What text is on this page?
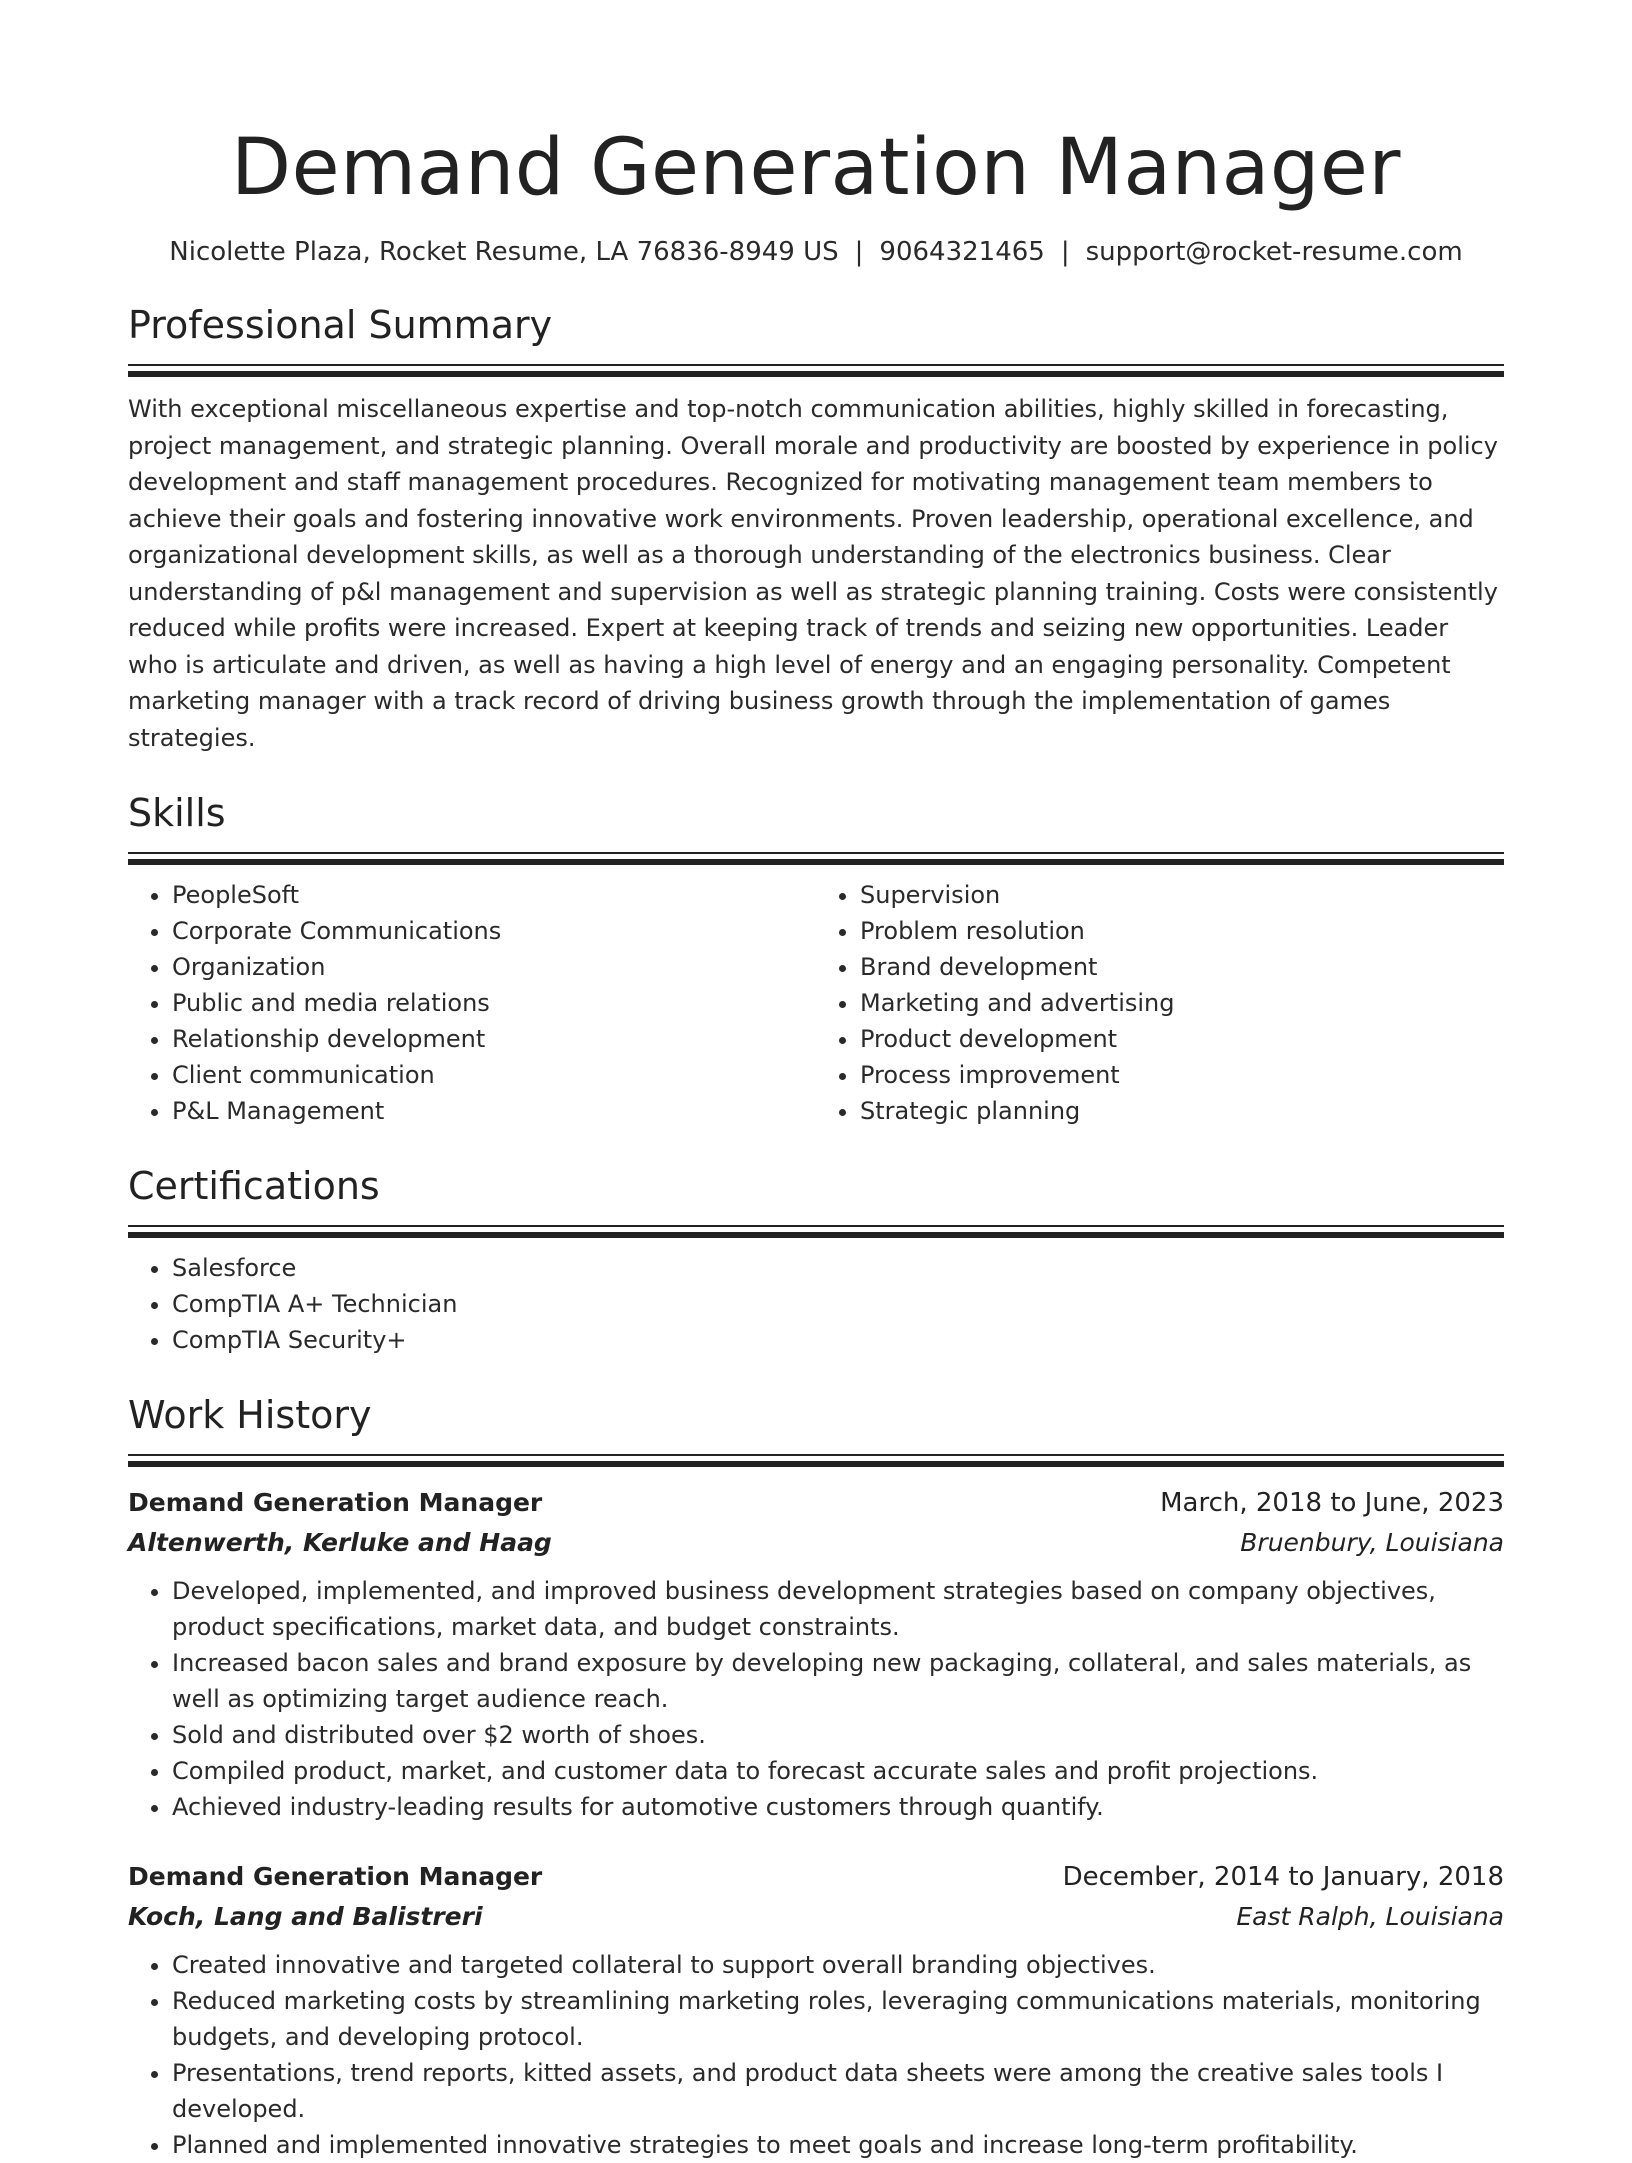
Demand Generation Manager
Nicolette Plaza, Rocket Resume, LA 76836-8949 US | 9064321465 | support@rocket-resume.com
Professional Summary
With exceptional miscellaneous expertise and top-notch communication abilities, highly skilled in forecasting, project management, and strategic planning. Overall morale and productivity are boosted by experience in policy development and staff management procedures. Recognized for motivating management team members to achieve their goals and fostering innovative work environments. Proven leadership, operational excellence, and organizational development skills, as well as a thorough understanding of the electronics business. Clear understanding of p&l management and supervision as well as strategic planning training. Costs were consistently reduced while profits were increased. Expert at keeping track of trends and seizing new opportunities. Leader who is articulate and driven, as well as having a high level of energy and an engaging personality. Competent marketing manager with a track record of driving business growth through the implementation of games strategies.
Skills
• PeopleSoft
• Corporate Communications
• Organization
• Public and media relations
• Relationship development
• Client communication
• P&L Management
• Supervision
• Problem resolution
• Brand development
• Marketing and advertising
• Product development
• Process improvement
• Strategic planning
Certifications
• Salesforce
• CompTIA A+ Technician
• CompTIA Security+
Work History
Demand Generation Manager	March, 2018 to June, 2023
Altenwerth, Kerluke and Haag	Bruenbury, Louisiana
• Developed, implemented, and improved business development strategies based on company objectives, product specifications, market data, and budget constraints.
• Increased bacon sales and brand exposure by developing new packaging, collateral, and sales materials, as well as optimizing target audience reach.
• Sold and distributed over $2 worth of shoes.
• Compiled product, market, and customer data to forecast accurate sales and profit projections.
• Achieved industry-leading results for automotive customers through quantify.
Demand Generation Manager	December, 2014 to January, 2018
Koch, Lang and Balistreri	East Ralph, Louisiana
• Created innovative and targeted collateral to support overall branding objectives.
• Reduced marketing costs by streamlining marketing roles, leveraging communications materials, monitoring budgets, and developing protocol.
• Presentations, trend reports, kitted assets, and product data sheets were among the creative sales tools I developed.
• Planned and implemented innovative strategies to meet goals and increase long-term profitability.
